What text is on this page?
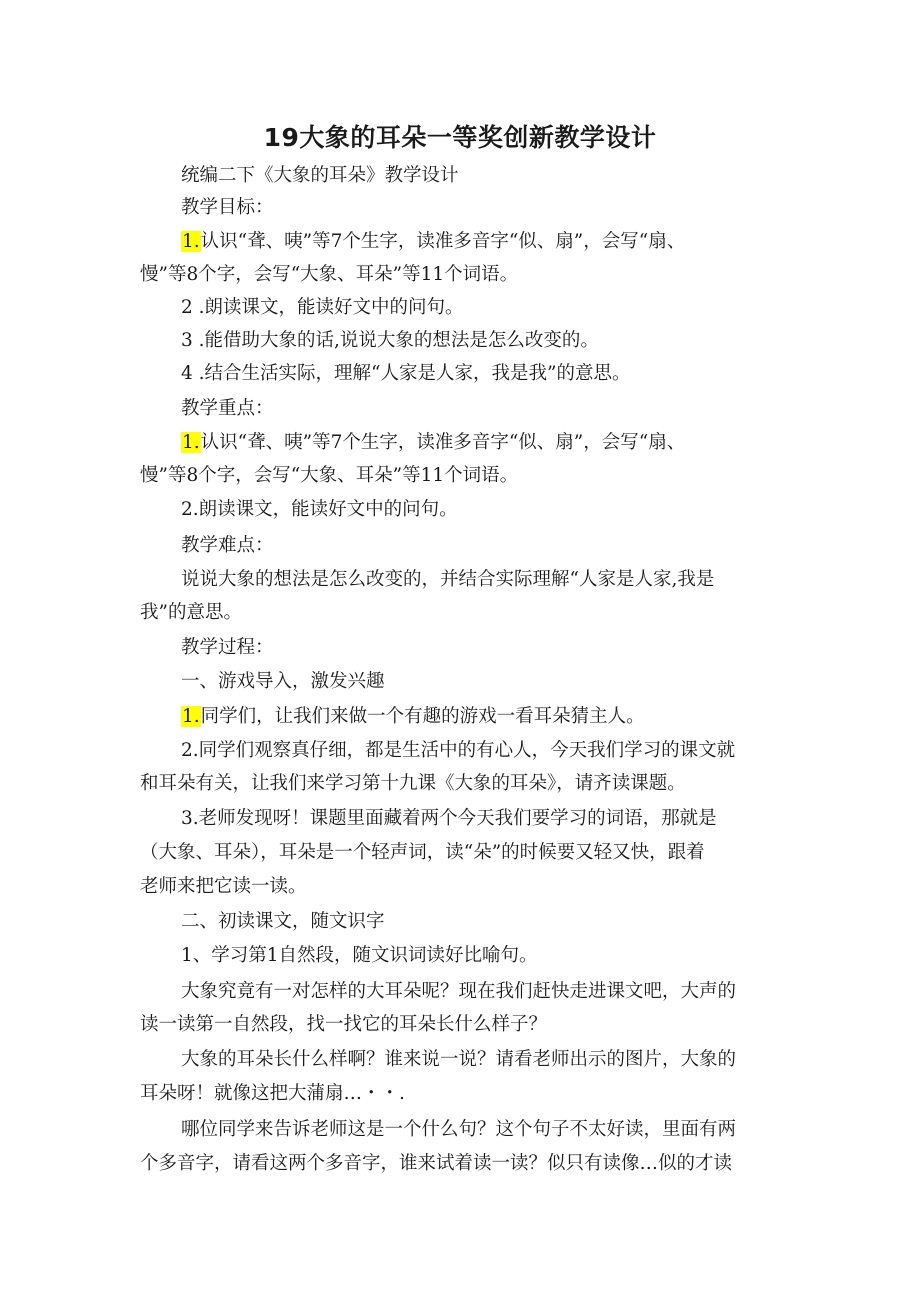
19大象的耳朵一等奖创新教学设计
统编二下《大象的耳朵》教学设计
教学目标：
1.认识“聋、咦”等7个生字，读准多音字“似、扇”，会写“扇、
慢”等8个字，会写“大象、耳朵”等11个词语。
2 .朗读课文，能读好文中的问句。
3 .能借助大象的话,说说大象的想法是怎么改变的。
4 .结合生活实际，理解“人家是人家，我是我”的意思。
教学重点：
1.认识“聋、咦”等7个生字，读准多音字“似、扇”，会写“扇、
慢”等8个字，会写“大象、耳朵”等11个词语。
2.朗读课文，能读好文中的问句。
教学难点：
说说大象的想法是怎么改变的，并结合实际理解“人家是人家,我是
我”的意思。
教学过程：
一、游戏导入，激发兴趣
1.同学们，让我们来做一个有趣的游戏一看耳朵猜主人。
2.同学们观察真仔细，都是生活中的有心人，今天我们学习的课文就
和耳朵有关，让我们来学习第十九课《大象的耳朵》，请齐读课题。
3.老师发现呀！课题里面藏着两个今天我们要学习的词语，那就是
（大象、耳朵），耳朵是一个轻声词，读“朵”的时候要又轻又快，跟着
老师来把它读一读。
二、初读课文，随文识字
1、学习第1自然段，随文识词读好比喻句。
大象究竟有一对怎样的大耳朵呢？现在我们赶快走进课文吧，大声的
读一读第一自然段，找一找它的耳朵长什么样子？
大象的耳朵长什么样啊？谁来说一说？请看老师出示的图片，大象的
耳朵呀！就像这把大蒲扇…・・.
哪位同学来告诉老师这是一个什么句？这个句子不太好读，里面有两
个多音字，请看这两个多音字，谁来试着读一读？似只有读像…似的才读
